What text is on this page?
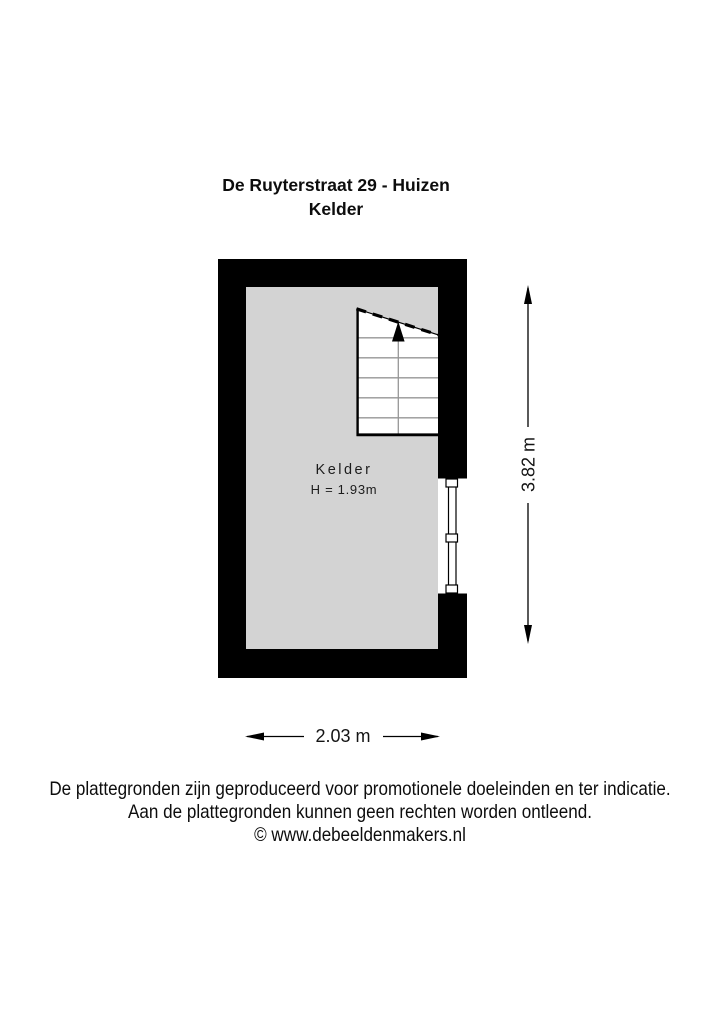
De Ruyterstraat 29 - Huizen
Kelder
Kelder
H = 1.93m
2.03 m
3.82 m
De plattegronden zijn geproduceerd voor promotionele doeleinden en ter indicatie.
Aan de plattegronden kunnen geen rechten worden ontleend.
© www.debeeldenmakers.nl
